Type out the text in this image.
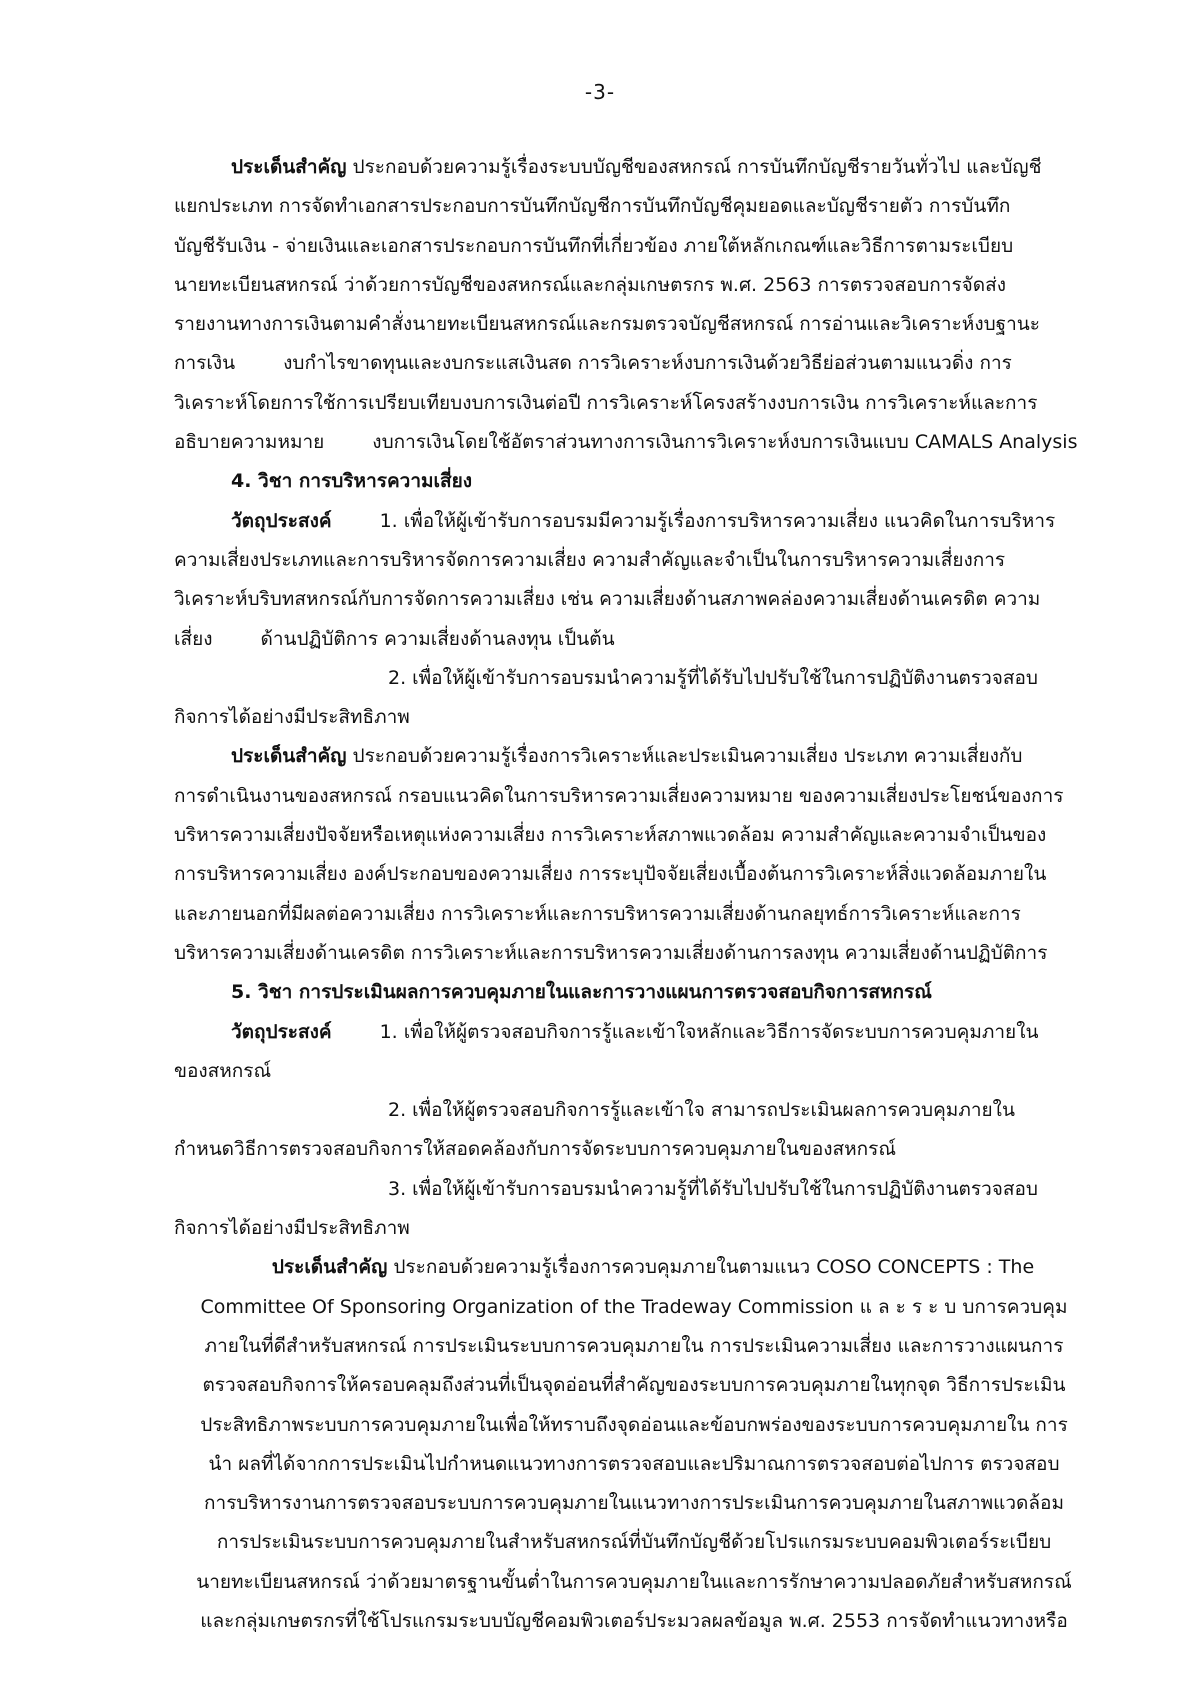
-3-
ประเด็นสำคัญ ประกอบด้วยความรู้เรื่องระบบบัญชีของสหกรณ์ การบันทึกบัญชีรายวันทั่วไป และบัญชี
แยกประเภท การจัดทำเอกสารประกอบการบันทึกบัญชีการบันทึกบัญชีคุมยอดและบัญชีรายตัว การบันทึก
บัญชีรับเงิน - จ่ายเงินและเอกสารประกอบการบันทึกที่เกี่ยวข้อง ภายใต้หลักเกณฑ์และวิธีการตามระเบียบ
นายทะเบียนสหกรณ์ ว่าด้วยการบัญชีของสหกรณ์และกลุ่มเกษตรกร พ.ศ. 2563 การตรวจสอบการจัดส่ง
รายงานทางการเงินตามคำสั่งนายทะเบียนสหกรณ์และกรมตรวจบัญชีสหกรณ์ การอ่านและวิเคราะห์งบฐานะ
การเงิน	งบกำไรขาดทุนและงบกระแสเงินสด การวิเคราะห์งบการเงินด้วยวิธีย่อส่วนตามแนวดิ่ง การ
วิเคราะห์โดยการใช้การเปรียบเทียบงบการเงินต่อปี การวิเคราะห์โครงสร้างงบการเงิน การวิเคราะห์และการ
อธิบายความหมาย	งบการเงินโดยใช้อัตราส่วนทางการเงินการวิเคราะห์งบการเงินแบบ CAMALS Analysis
4. วิชา การบริหารความเสี่ยง
วัตถุประสงค์	1. เพื่อให้ผู้เข้ารับการอบรมมีความรู้เรื่องการบริหารความเสี่ยง แนวคิดในการบริหาร
ความเสี่ยงประเภทและการบริหารจัดการความเสี่ยง ความสำคัญและจำเป็นในการบริหารความเสี่ยงการ
วิเคราะห์บริบทสหกรณ์กับการจัดการความเสี่ยง เช่น ความเสี่ยงด้านสภาพคล่องความเสี่ยงด้านเครดิต ความ
เสี่ยง	ด้านปฏิบัติการ ความเสี่ยงด้านลงทุน เป็นต้น
2. เพื่อให้ผู้เข้ารับการอบรมนำความรู้ที่ได้รับไปปรับใช้ในการปฏิบัติงานตรวจสอบ
กิจการได้อย่างมีประสิทธิภาพ
ประเด็นสำคัญ ประกอบด้วยความรู้เรื่องการวิเคราะห์และประเมินความเสี่ยง ประเภท ความเสี่ยงกับ
การดำเนินงานของสหกรณ์ กรอบแนวคิดในการบริหารความเสี่ยงความหมาย ของความเสี่ยงประโยชน์ของการ
บริหารความเสี่ยงปัจจัยหรือเหตุแห่งความเสี่ยง การวิเคราะห์สภาพแวดล้อม ความสำคัญและความจำเป็นของ
การบริหารความเสี่ยง องค์ประกอบของความเสี่ยง การระบุปัจจัยเสี่ยงเบื้องต้นการวิเคราะห์สิ่งแวดล้อมภายใน
และภายนอกที่มีผลต่อความเสี่ยง การวิเคราะห์และการบริหารความเสี่ยงด้านกลยุทธ์การวิเคราะห์และการ
บริหารความเสี่ยงด้านเครดิต การวิเคราะห์และการบริหารความเสี่ยงด้านการลงทุน ความเสี่ยงด้านปฏิบัติการ
5. วิชา การประเมินผลการควบคุมภายในและการวางแผนการตรวจสอบกิจการสหกรณ์
วัตถุประสงค์	1. เพื่อให้ผู้ตรวจสอบกิจการรู้และเข้าใจหลักและวิธีการจัดระบบการควบคุมภายใน
ของสหกรณ์
2. เพื่อให้ผู้ตรวจสอบกิจการรู้และเข้าใจ สามารถประเมินผลการควบคุมภายใน
กำหนดวิธีการตรวจสอบกิจการให้สอดคล้องกับการจัดระบบการควบคุมภายในของสหกรณ์
3. เพื่อให้ผู้เข้ารับการอบรมนำความรู้ที่ได้รับไปปรับใช้ในการปฏิบัติงานตรวจสอบ
กิจการได้อย่างมีประสิทธิภาพ
ประเด็นสำคัญ ประกอบด้วยความรู้เรื่องการควบคุมภายในตามแนว COSO CONCEPTS : The
Committee Of Sponsoring Organization of the Tradeway Commission และระบบการควบคุม
ภายในที่ดีสำหรับสหกรณ์ การประเมินระบบการควบคุมภายใน การประเมินความเสี่ยง และการวางแผนการ
ตรวจสอบกิจการให้ครอบคลุมถึงส่วนที่เป็นจุดอ่อนที่สำคัญของระบบการควบคุมภายในทุกจุด วิธีการประเมิน
ประสิทธิภาพระบบการควบคุมภายในเพื่อให้ทราบถึงจุดอ่อนและข้อบกพร่องของระบบการควบคุมภายใน การ
นำ ผลที่ได้จากการประเมินไปกำหนดแนวทางการตรวจสอบและปริมาณการตรวจสอบต่อไปการ ตรวจสอบ
การบริหารงานการตรวจสอบระบบการควบคุมภายในแนวทางการประเมินการควบคุมภายในสภาพแวดล้อม
การประเมินระบบการควบคุมภายในสำหรับสหกรณ์ที่บันทึกบัญชีด้วยโปรแกรมระบบคอมพิวเตอร์ระเบียบ
นายทะเบียนสหกรณ์ ว่าด้วยมาตรฐานขั้นต่ำในการควบคุมภายในและการรักษาความปลอดภัยสำหรับสหกรณ์
และกลุ่มเกษตรกรที่ใช้โปรแกรมระบบบัญชีคอมพิวเตอร์ประมวลผลข้อมูล พ.ศ. 2553 การจัดทำแนวทางหรือ
